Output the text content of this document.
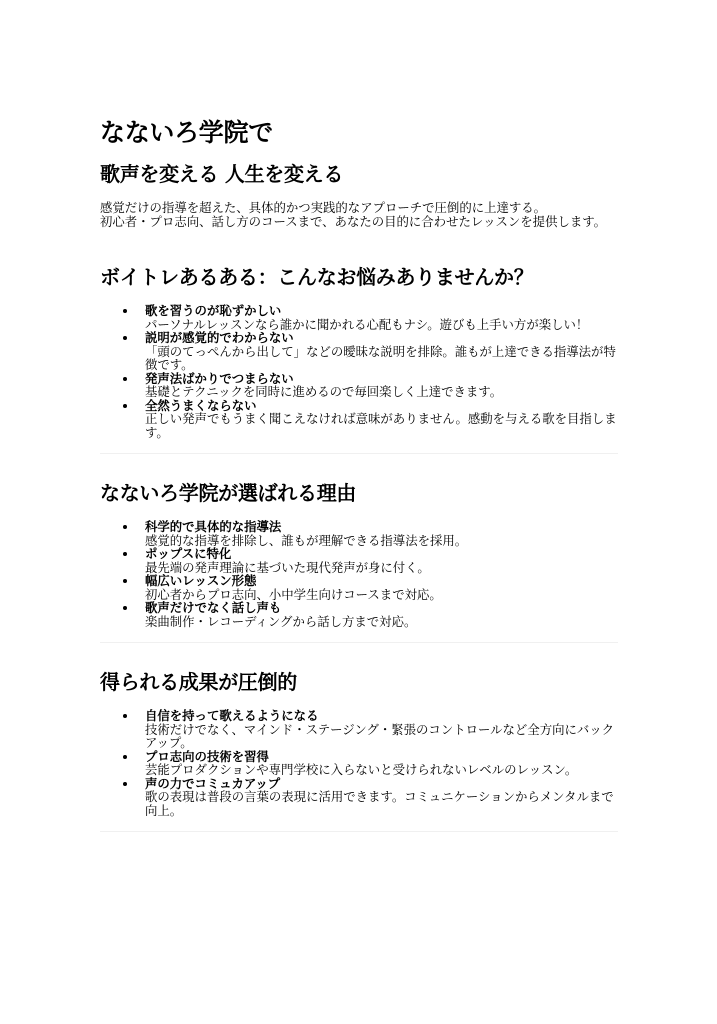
なないろ学院で
歌声を変える 人生を変える

感覚だけの指導を超えた、具体的かつ実践的なアプローチで圧倒的に上達する。

初心者・プロ志向、話し方のコースまで、あなたの目的に合わせたレッスンを提供します。

ボイトレあるある：こんなお悩みありませんか？
歌を習うのが恥ずかしい
パーソナルレッスンなら誰かに聞かれる心配もナシ。遊びも上手い方が楽しい！
説明が感覚的でわからない
「頭のてっぺんから出して」などの曖昧な説明を排除。誰もが上達できる指導法が特徴です。
発声法ばかりでつまらない
基礎とテクニックを同時に進めるので毎回楽しく上達できます。
全然うまくならない
正しい発声でもうまく聞こえなければ意味がありません。感動を与える歌を目指します。
なないろ学院が選ばれる理由
科学的で具体的な指導法
感覚的な指導を排除し、誰もが理解できる指導法を採用。
ポップスに特化
最先端の発声理論に基づいた現代発声が身に付く。
幅広いレッスン形態
初心者からプロ志向、小中学生向けコースまで対応。
歌声だけでなく話し声も
楽曲制作・レコーディングから話し方まで対応。
得られる成果が圧倒的
自信を持って歌えるようになる
技術だけでなく、マインド・ステージング・緊張のコントロールなど全方向にバックアップ。
プロ志向の技術を習得
芸能プロダクションや専門学校に入らないと受けられないレベルのレッスン。
声の力でコミュカアップ
歌の表現は普段の言葉の表現に活用できます。コミュニケーションからメンタルまで向上。
